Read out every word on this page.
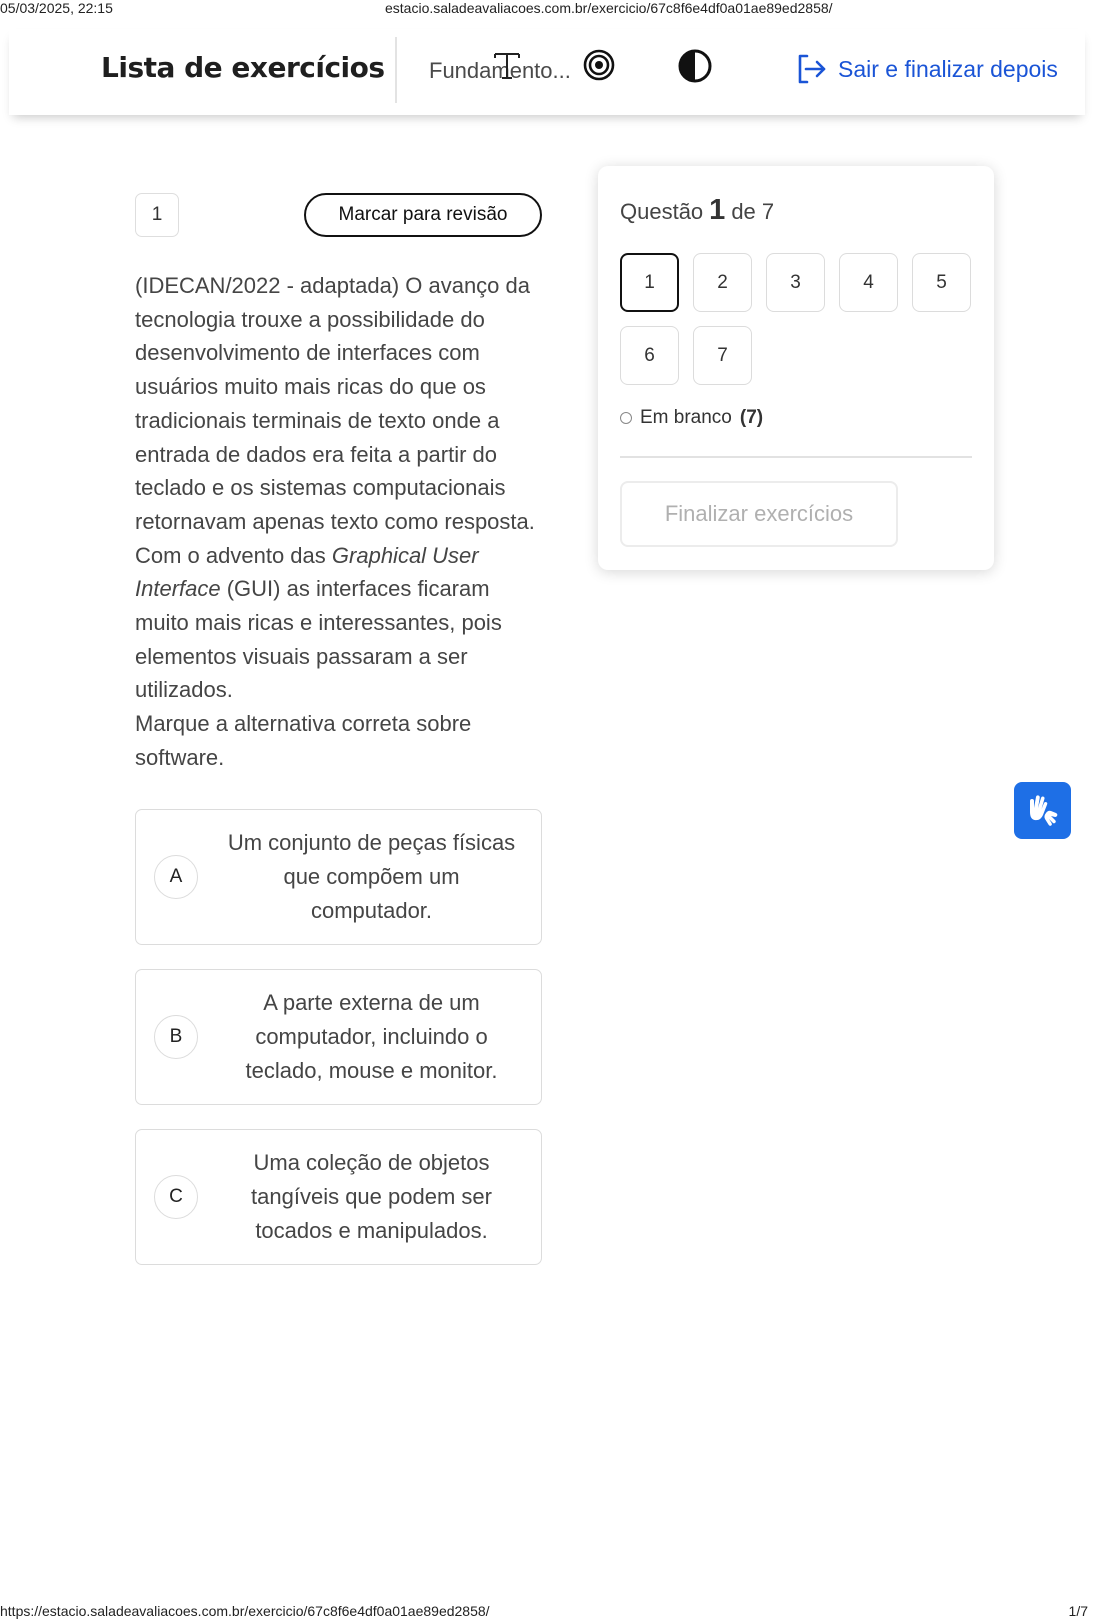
05/03/2025, 22:15	estacio.saladeavaliacoes.com.br/exercicio/67c8f6e4df0a01ae89ed2858/
Lista de exercícios Fundamento...	Sair e finalizar depois
1	Marcar para revisão
(IDECAN/2022 - adaptada) O avanço da tecnologia trouxe a possibilidade do desenvolvimento de interfaces com usuários muito mais ricas do que os tradicionais terminais de texto onde a entrada de dados era feita a partir do teclado e os sistemas computacionais retornavam apenas texto como resposta. Com o advento das Graphical User Interface (GUI) as interfaces ficaram muito mais ricas e interessantes, pois elementos visuais passaram a ser utilizados.
Marque a alternativa correta sobre software.
A
Um conjunto de peças físicas que compõem um computador.
B
A parte externa de um computador, incluindo o teclado, mouse e monitor.
C
Uma coleção de objetos tangíveis que podem ser tocados e manipulados.
Questão 1 de 7
1	2	3	4	5
6	7
Em branco (7)
Finalizar exercícios
https://estacio.saladeavaliacoes.com.br/exercicio/67c8f6e4df0a01ae89ed2858/	1/7
